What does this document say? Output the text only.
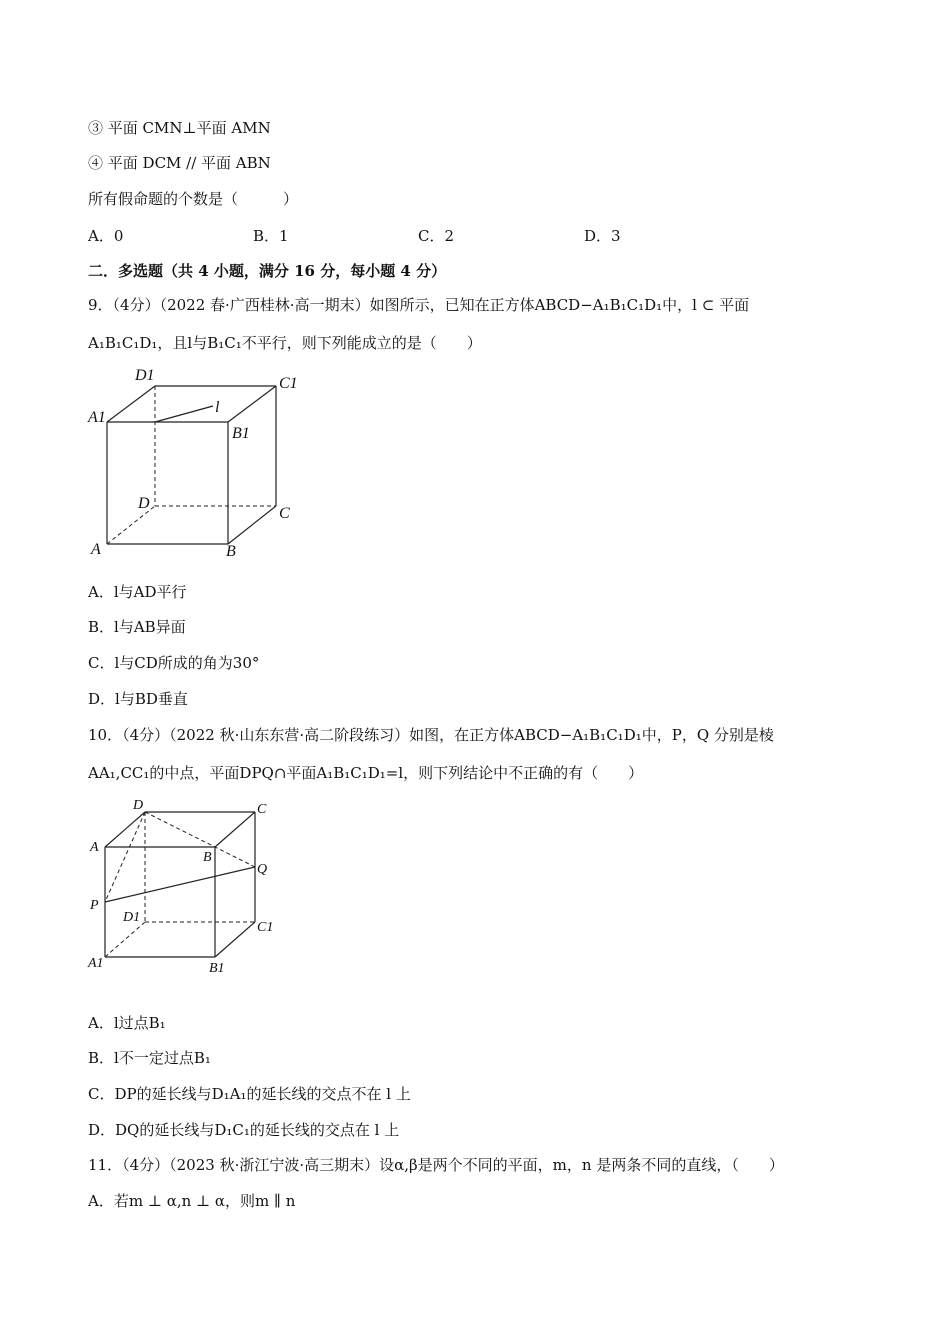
③ 平面 CMN⊥平面 AMN
④ 平面 DCM // 平面 ABN
所有假命题的个数是（　　　）
A．0	B．1	C．2	D．3
二．多选题（共 4 小题，满分 16 分，每小题 4 分）
9．（4分）（2022 春·广西桂林·高一期末）如图所示，已知在正方体ABCD−A₁B₁C₁D₁中，l ⊂ 平面
A₁B₁C₁D₁，且l与B₁C₁不平行，则下列能成立的是（　　）
D1	C1
A1
B1
l
D
C
A	B
A．l与AD平行
B．l与AB异面
C．l与CD所成的角为30°
D．l与BD垂直
10．（4分）（2022 秋·山东东营·高二阶段练习）如图，在正方体ABCD−A₁B₁C₁D₁中，P，Q 分别是棱
AA₁,CC₁的中点，平面DPQ∩平面A₁B₁C₁D₁=l，则下列结论中不正确的有（　　）
D	C
A
B
Q
P
D1
C1
A1	B1
A．l过点B₁
B．l不一定过点B₁
C．DP的延长线与D₁A₁的延长线的交点不在 l 上
D．DQ的延长线与D₁C₁的延长线的交点在 l 上
11．（4分）（2023 秋·浙江宁波·高三期末）设α,β是两个不同的平面，m，n 是两条不同的直线，（　　）
A．若m ⊥ α,n ⊥ α，则m ∥ n
